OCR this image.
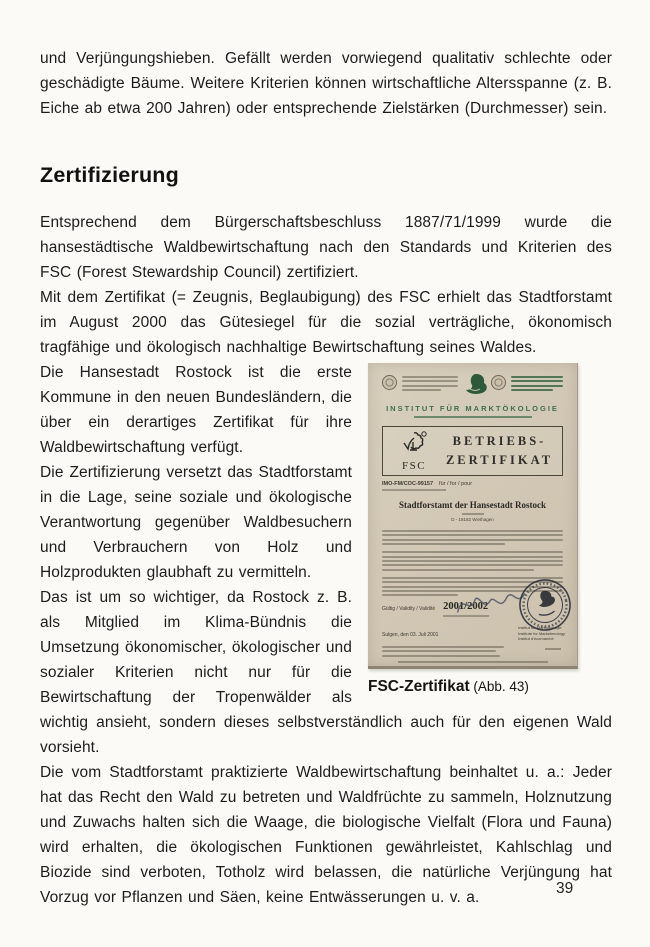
und Verjüngungshieben. Gefällt werden vorwiegend qualitativ schlechte oder geschädigte Bäume. Weitere Kriterien können wirtschaftliche Altersspanne (z. B. Eiche ab etwa 200 Jahren) oder entsprechende Zielstärken (Durchmesser) sein.

Zertifizierung

Entsprechend dem Bürgerschaftsbeschluss 1887/71/1999 wurde die hansestädtische Waldbewirtschaftung nach den Standards und Kriterien des FSC (Forest Stewardship Council) zertifiziert.

Mit dem Zertifikat (= Zeugnis, Beglaubigung) des FSC erhielt das Stadtforstamt im August 2000 das Gütesiegel für die sozial verträgliche, ökonomisch tragfähige und ökologisch nachhaltige Bewirtschaftung seines Waldes.

INSTITUT FÜR MARKTÖKOLOGIE
FSC
BETRIEBS-
ZERTIFIKAT
IMO-FM/COC-99157 für / for / pour
Stadtforstamt der Hansestadt Rostock
D - 18182 Wiethagen
Gültig / Validity / Validité 2001/2002
Sulgen, den 03. Juli 2001
Institut für Marktökologie
Institute for Marketecology
Institut d'écomarché
FSC-Zertifikat (Abb. 43)

Die Hansestadt Rostock ist die erste Kommune in den neuen Bundesländern, die über ein derartiges Zertifikat für ihre Waldbewirtschaftung verfügt.

Die Zertifizierung versetzt das Stadtforstamt in die Lage, seine soziale und ökologische Verantwortung gegenüber Waldbesuchern und Verbrauchern von Holz und Holzprodukten glaubhaft zu vermitteln.

Das ist um so wichtiger, da Rostock z. B. als Mitglied im Klima-Bündnis die Umsetzung ökonomischer, ökologischer und sozialer Kriterien nicht nur für die Bewirtschaftung der Tropenwälder als wichtig ansieht, sondern dieses selbstverständlich auch für den eigenen Wald vorsieht.

Die vom Stadtforstamt praktizierte Waldbewirtschaftung beinhaltet u. a.: Jeder hat das Recht den Wald zu betreten und Waldfrüchte zu sammeln, Holznutzung und Zuwachs halten sich die Waage, die biologische Vielfalt (Flora und Fauna) wird erhalten, die ökologischen Funktionen gewährleistet, Kahlschlag und Biozide sind verboten, Totholz wird belassen, die natürliche Verjüngung hat Vorzug vor Pflanzen und Säen, keine Entwässerungen u. v. a.

39
